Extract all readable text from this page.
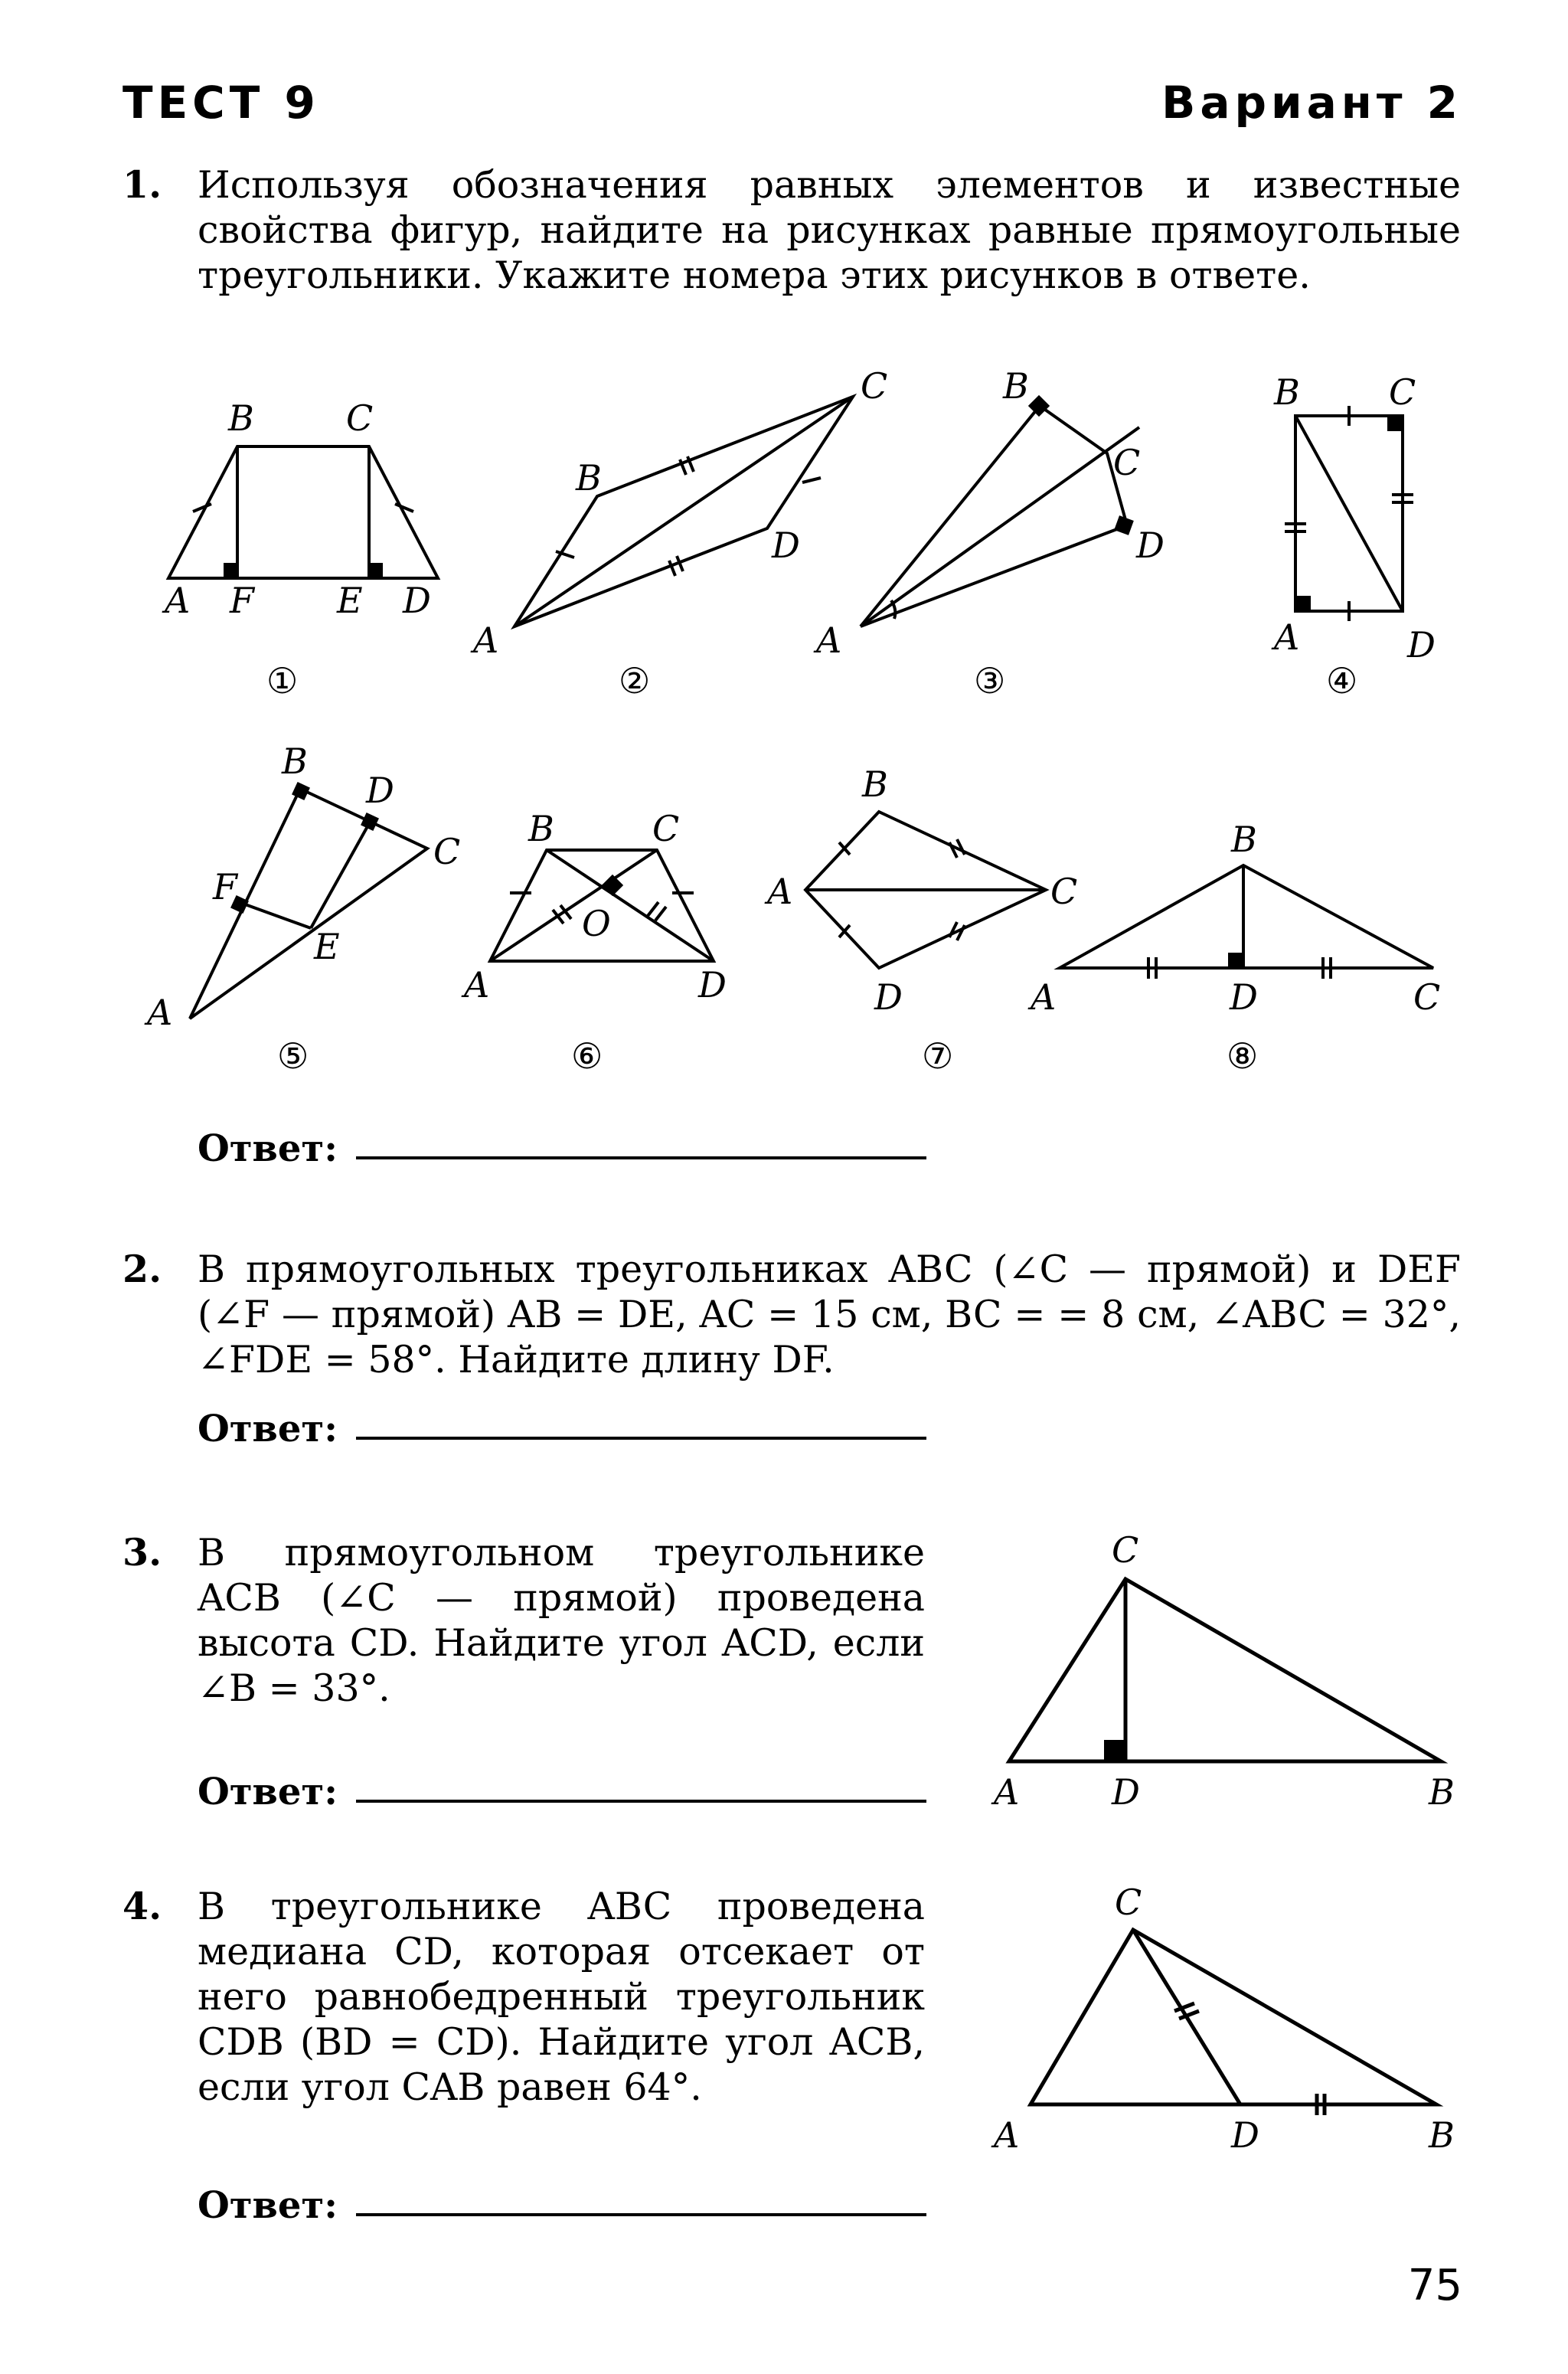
ТЕСТ 9	Вариант 2
1. Используя обозначения равных элементов и известные свойства фигур, найдите на рисунках равные прямоугольные треугольники. Укажите номера этих рисунков в ответе.
B	C
A F E D
①
C
B
D
A
②
B
C
D
A
③
B	C
A	D
④
B
D
C
F
E
A
⑤
B	C
O
A	D
⑥
B
A	C
D
⑦
B
A	D	C
⑧
Ответ:
2. В прямоугольных треугольниках ABC (∠C — прямой) и DEF (∠F — прямой) AB = DE, AC = 15 см, BC = = 8 см, ∠ABC = 32°, ∠FDE = 58°. Найдите длину DF.
Ответ:
3. В прямоугольном треугольнике ACB (∠C — прямой) проведена высота CD. Найдите угол ACD, если ∠B = 33°.
Ответ:
C
A	D	B
C
A	D	B
4. В треугольнике ABC проведена медиана CD, которая отсекает от него равнобедренный треугольник CDB (BD = CD). Найдите угол ACB, если угол CAB равен 64°.
Ответ:
75
